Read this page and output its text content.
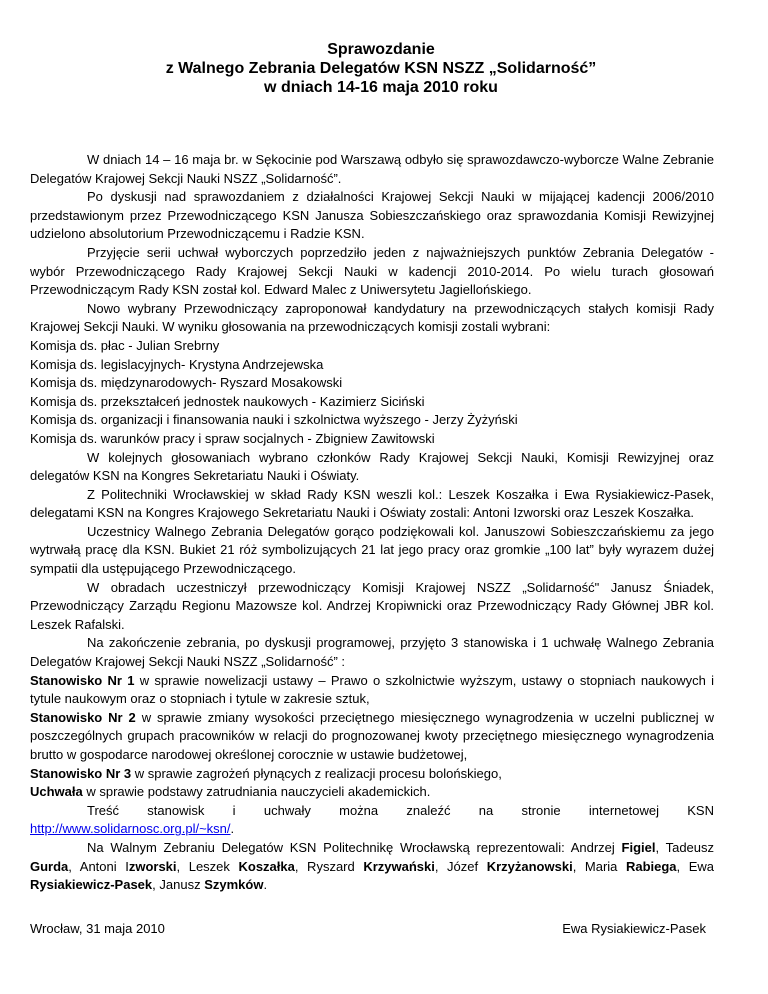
Sprawozdanie
z Walnego Zebrania Delegatów KSN NSZZ „Solidarność”
w dniach 14-16 maja 2010 roku

W dniach 14 – 16 maja br. w Sękocinie pod Warszawą odbyło się sprawozdawczo-wyborcze Walne Zebranie Delegatów Krajowej Sekcji Nauki NSZZ „Solidarność”.

Po dyskusji nad sprawozdaniem z działalności Krajowej Sekcji Nauki w mijającej kadencji 2006/2010 przedstawionym przez Przewodniczącego KSN Janusza Sobieszczańskiego oraz sprawozdania Komisji Rewizyjnej udzielono absolutorium Przewodniczącemu i Radzie KSN.

Przyjęcie serii uchwał wyborczych poprzedziło jeden z najważniejszych punktów Zebrania Delegatów - wybór Przewodniczącego Rady Krajowej Sekcji Nauki w kadencji 2010-2014. Po wielu turach głosowań Przewodniczącym Rady KSN został kol. Edward Malec z Uniwersytetu Jagiellońskiego.

Nowo wybrany Przewodniczący zaproponował kandydatury na przewodniczących stałych komisji Rady Krajowej Sekcji Nauki. W wyniku głosowania na przewodniczących komisji zostali wybrani:

Komisja ds. płac - Julian Srebrny

Komisja ds. legislacyjnych- Krystyna Andrzejewska

Komisja ds. międzynarodowych- Ryszard Mosakowski

Komisja ds. przekształceń jednostek naukowych - Kazimierz Siciński

Komisja ds. organizacji i finansowania nauki i szkolnictwa wyższego - Jerzy Żyżyński

Komisja ds. warunków pracy i spraw socjalnych - Zbigniew Zawitowski

W kolejnych głosowaniach wybrano członków Rady Krajowej Sekcji Nauki, Komisji Rewizyjnej oraz delegatów KSN na Kongres Sekretariatu Nauki i Oświaty.

Z Politechniki Wrocławskiej w skład Rady KSN weszli kol.: Leszek Koszałka i Ewa Rysiakiewicz-Pasek, delegatami KSN na Kongres Krajowego Sekretariatu Nauki i Oświaty zostali: Antoni Izworski oraz Leszek Koszałka.

Uczestnicy Walnego Zebrania Delegatów gorąco podziękowali kol. Januszowi Sobieszczańskiemu za jego wytrwałą pracę dla KSN. Bukiet 21 róż symbolizujących 21 lat jego pracy oraz gromkie „100 lat” były wyrazem dużej sympatii dla ustępującego Przewodniczącego.

W obradach uczestniczył przewodniczący Komisji Krajowej NSZZ „Solidarność" Janusz Śniadek, Przewodniczący Zarządu Regionu Mazowsze kol. Andrzej Kropiwnicki oraz Przewodniczący Rady Głównej JBR kol. Leszek Rafalski.

Na zakończenie zebrania, po dyskusji programowej, przyjęto 3 stanowiska i 1 uchwałę Walnego Zebrania Delegatów Krajowej Sekcji Nauki NSZZ „Solidarność” :

Stanowisko Nr 1 w sprawie nowelizacji ustawy – Prawo o szkolnictwie wyższym, ustawy o stopniach naukowych i tytule naukowym oraz o stopniach i tytule w zakresie sztuk,

Stanowisko Nr 2 w sprawie zmiany wysokości przeciętnego miesięcznego wynagrodzenia w uczelni publicznej w poszczególnych grupach pracowników w relacji do prognozowanej kwoty przeciętnego miesięcznego wynagrodzenia brutto w gospodarce narodowej określonej corocznie w ustawie budżetowej,

Stanowisko Nr 3 w sprawie zagrożeń płynących z realizacji procesu bolońskiego,

Uchwała w sprawie podstawy zatrudniania nauczycieli akademickich.

Treść stanowisk i uchwały można znaleźć na stronie internetowej KSN

http://www.solidarnosc.org.pl/~ksn/.

Na Walnym Zebraniu Delegatów KSN Politechnikę Wrocławską reprezentowali: Andrzej Figiel, Tadeusz Gurda, Antoni Izworski, Leszek Koszałka, Ryszard Krzywański, Józef Krzyżanowski, Maria Rabiega, Ewa Rysiakiewicz-Pasek, Janusz Szymków.

Wrocław, 31 maja 2010	Ewa Rysiakiewicz-Pasek
